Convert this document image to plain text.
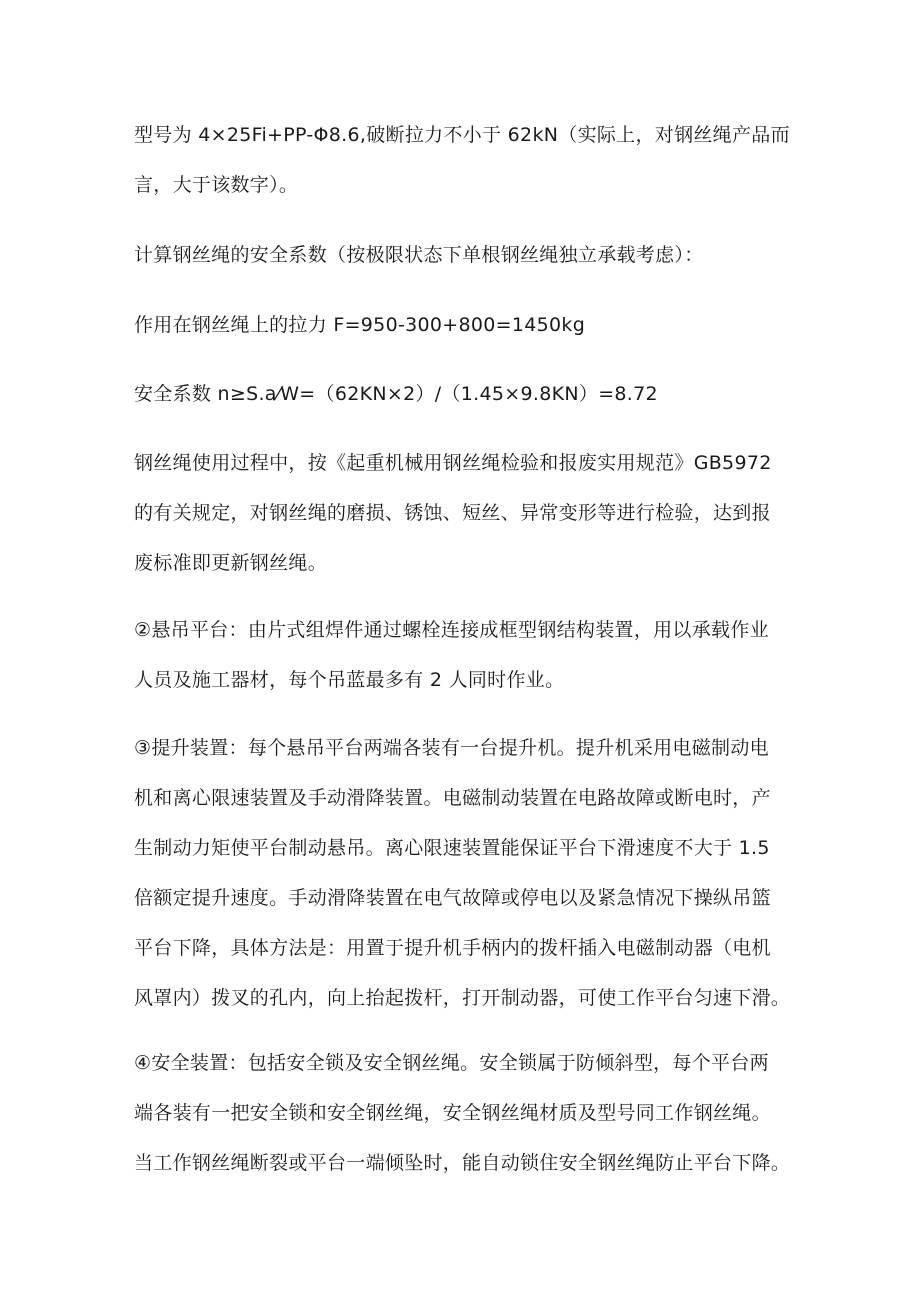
型号为 4×25Fi+PP-Φ8.6,破断拉力不小于 62kN（实际上，对钢丝绳产品而
言，大于该数字）。
计算钢丝绳的安全系数（按极限状态下单根钢丝绳独立承载考虑）：
作用在钢丝绳上的拉力 F=950-300+800=1450kg
安全系数 n≥S.a⁄W=（62KN×2）/（1.45×9.8KN）=8.72
钢丝绳使用过程中，按《起重机械用钢丝绳检验和报废实用规范》GB5972
的有关规定，对钢丝绳的磨损、锈蚀、短丝、异常变形等进行检验，达到报
废标准即更新钢丝绳。
②悬吊平台：由片式组焊件通过螺栓连接成框型钢结构装置，用以承载作业
人员及施工器材，每个吊蓝最多有 2 人同时作业。
③提升装置：每个悬吊平台两端各装有一台提升机。提升机采用电磁制动电
机和离心限速装置及手动滑降装置。电磁制动装置在电路故障或断电时，产
生制动力矩使平台制动悬吊。离心限速装置能保证平台下滑速度不大于 1.5
倍额定提升速度。手动滑降装置在电气故障或停电以及紧急情况下操纵吊篮
平台下降，具体方法是：用置于提升机手柄内的拨杆插入电磁制动器（电机
风罩内）拨叉的孔内，向上抬起拨杆，打开制动器，可使工作平台匀速下滑。
④安全装置：包括安全锁及安全钢丝绳。安全锁属于防倾斜型，每个平台两
端各装有一把安全锁和安全钢丝绳，安全钢丝绳材质及型号同工作钢丝绳。
当工作钢丝绳断裂或平台一端倾坠时，能自动锁住安全钢丝绳防止平台下降。
